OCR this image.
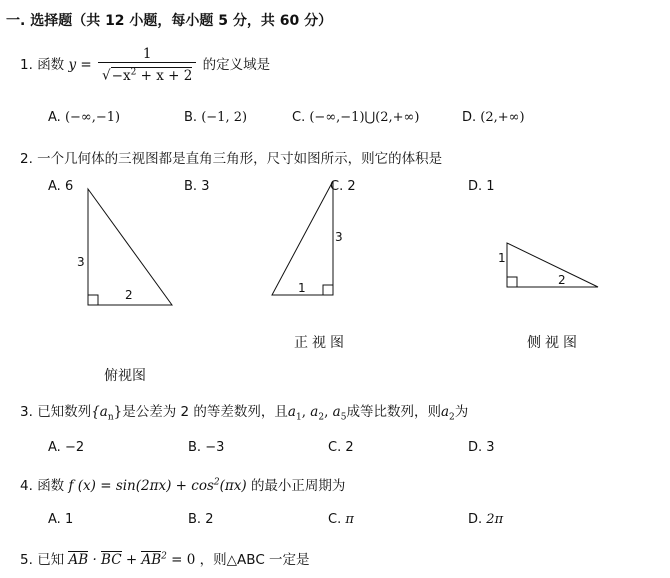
一. 选择题（共 12 小题，每小题 5 分，共 60 分）
1. 函数 $y = \frac{1}{√-x^2 + x + 2}$ 的定义域是
A. (−∞,−1)	B. (−1, 2)	C. (−∞,−1)⋃(2,+∞)	D. (2,+∞)
2. 一个几何体的三视图都是直角三角形，尺寸如图所示，则它的体积是
A. 6	B. 3	C. 2	D. 1
3
2
3
1
1
2
正视图	侧视图
俯视图
3. 已知数列$\{a_n\}$是公差为 2 的等差数列，且$a_1$, $a_2$, $a_5$成等比数列，则$a_2$为
A. −2	B. −3	C. 2	D. 3
4. 函数 f $(x) = \sin(2\pi x) + \cos^2(\pi x)$ 的最小正周期为
A. 1	B. 2	C. π	D. 2π
5. 已知 AB · BC + $AB^2 = 0$ ，则△ABC 一定是
